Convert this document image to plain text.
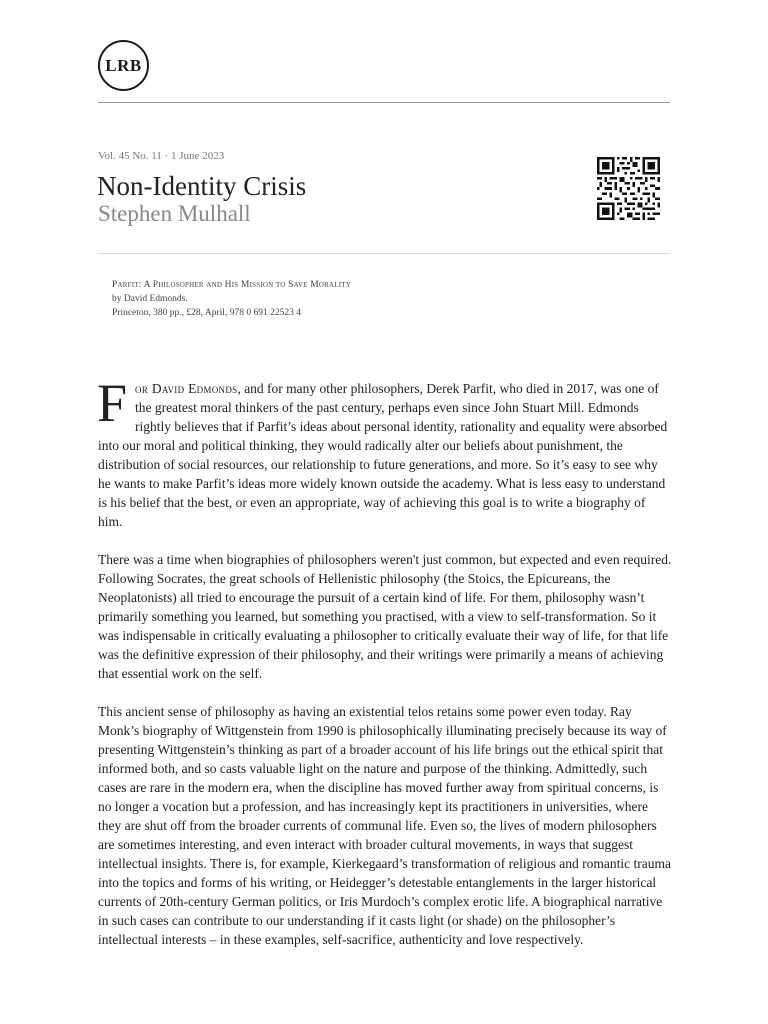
LRB
Vol. 45 No. 11 · 1 June 2023
Non-Identity Crisis
Stephen Mulhall
Parfit: A Philosopher and His Mission to Save Morality
by David Edmonds.
Princeton, 380 pp., £28, April, 978 0 691 22523 4

For David Edmonds, and for many other philosophers, Derek Parfit, who died in 2017, was one of the greatest moral thinkers of the past century, perhaps even since John Stuart Mill. Edmonds rightly believes that if Parfit’s ideas about personal identity, rationality and equality were absorbed into our moral and political thinking, they would radically alter our beliefs about punishment, the distribution of social resources, our relationship to future generations, and more. So it’s easy to see why he wants to make Parfit’s ideas more widely known outside the academy. What is less easy to understand is his belief that the best, or even an appropriate, way of achieving this goal is to write a biography of him.

There was a time when biographies of philosophers weren't just common, but expected and even required. Following Socrates, the great schools of Hellenistic philosophy (the Stoics, the Epicureans, the Neoplatonists) all tried to encourage the pursuit of a certain kind of life. For them, philosophy wasn’t primarily something you learned, but something you practised, with a view to self-transformation. So it was indispensable in critically evaluating a philosopher to critically evaluate their way of life, for that life was the definitive expression of their philosophy, and their writings were primarily a means of achieving that essential work on the self.

This ancient sense of philosophy as having an existential telos retains some power even today. Ray Monk’s biography of Wittgenstein from 1990 is philosophically illuminating precisely because its way of presenting Wittgenstein’s thinking as part of a broader account of his life brings out the ethical spirit that informed both, and so casts valuable light on the nature and purpose of the thinking. Admittedly, such cases are rare in the modern era, when the discipline has moved further away from spiritual concerns, is no longer a vocation but a profession, and has increasingly kept its practitioners in universities, where they are shut off from the broader currents of communal life. Even so, the lives of modern philosophers are sometimes interesting, and even interact with broader cultural movements, in ways that suggest intellectual insights. There is, for example, Kierkegaard’s transformation of religious and romantic trauma into the topics and forms of his writing, or Heidegger’s detestable entanglements in the larger historical currents of 20th-century German politics, or Iris Murdoch’s complex erotic life. A biographical narrative in such cases can contribute to our understanding if it casts light (or shade) on the philosopher’s intellectual interests – in these examples, self-sacrifice, authenticity and love respectively.
